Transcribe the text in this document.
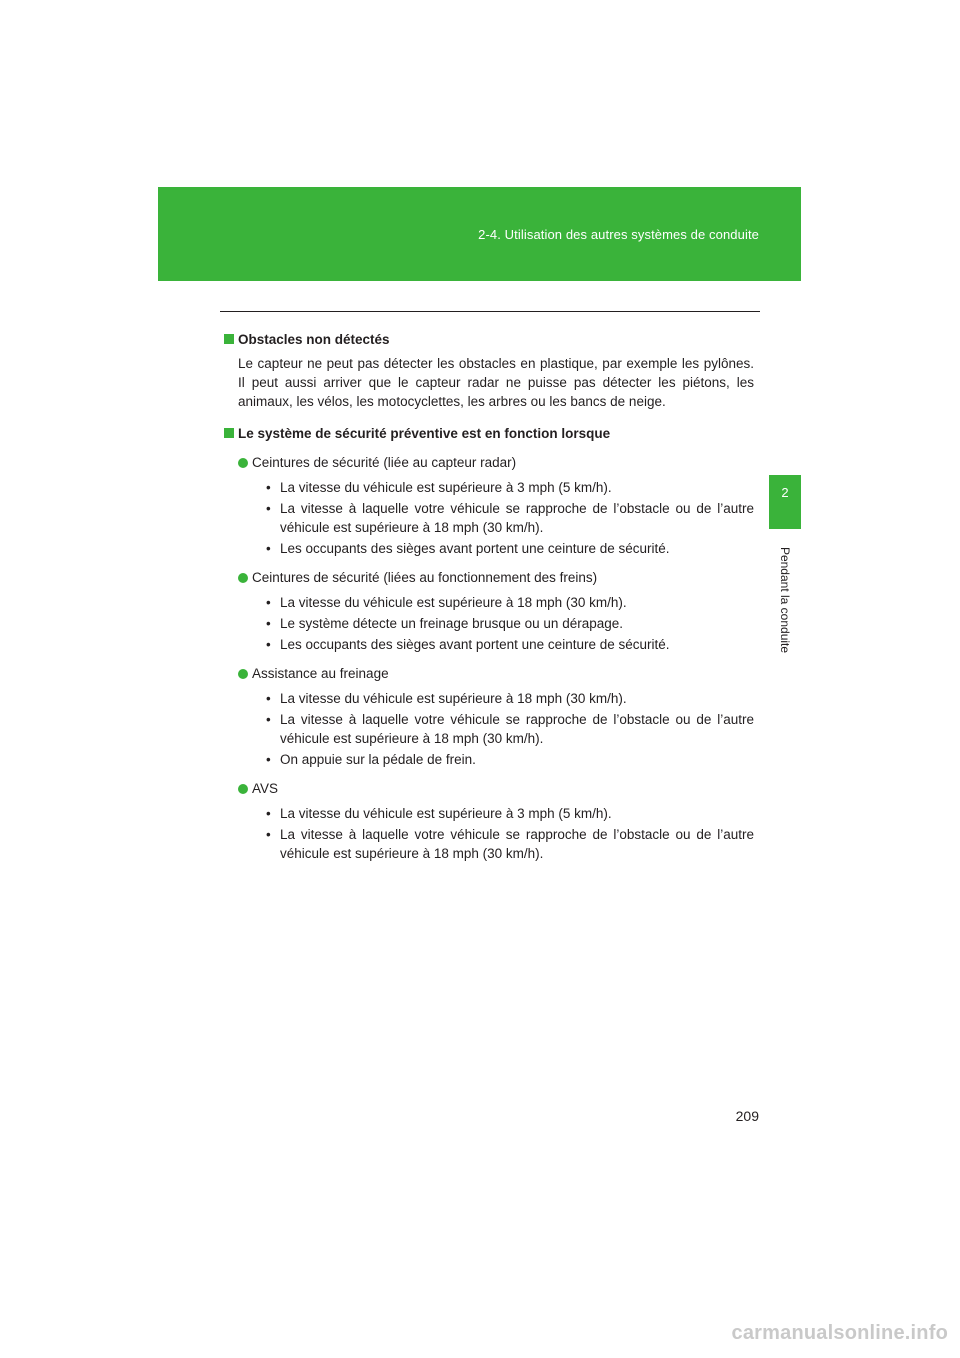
2-4. Utilisation des autres systèmes de conduite
2
Pendant la conduite
Obstacles non détectés

Le capteur ne peut pas détecter les obstacles en plastique, par exemple les pylônes. Il peut aussi arriver que le capteur radar ne puisse pas détecter les piétons, les animaux, les vélos, les motocyclettes, les arbres ou les bancs de neige.

Le système de sécurité préventive est en fonction lorsque
Ceintures de sécurité (liée au capteur radar)
• La vitesse du véhicule est supérieure à 3 mph (5 km/h).
• La vitesse à laquelle votre véhicule se rapproche de l’obstacle ou de l’autre véhicule est supérieure à 18 mph (30 km/h).
• Les occupants des sièges avant portent une ceinture de sécurité.
Ceintures de sécurité (liées au fonctionnement des freins)
• La vitesse du véhicule est supérieure à 18 mph (30 km/h).
• Le système détecte un freinage brusque ou un dérapage.
• Les occupants des sièges avant portent une ceinture de sécurité.
Assistance au freinage
• La vitesse du véhicule est supérieure à 18 mph (30 km/h).
• La vitesse à laquelle votre véhicule se rapproche de l’obstacle ou de l’autre véhicule est supérieure à 18 mph (30 km/h).
• On appuie sur la pédale de frein.
AVS
• La vitesse du véhicule est supérieure à 3 mph (5 km/h).
• La vitesse à laquelle votre véhicule se rapproche de l’obstacle ou de l’autre véhicule est supérieure à 18 mph (30 km/h).
209
carmanualsonline.info
